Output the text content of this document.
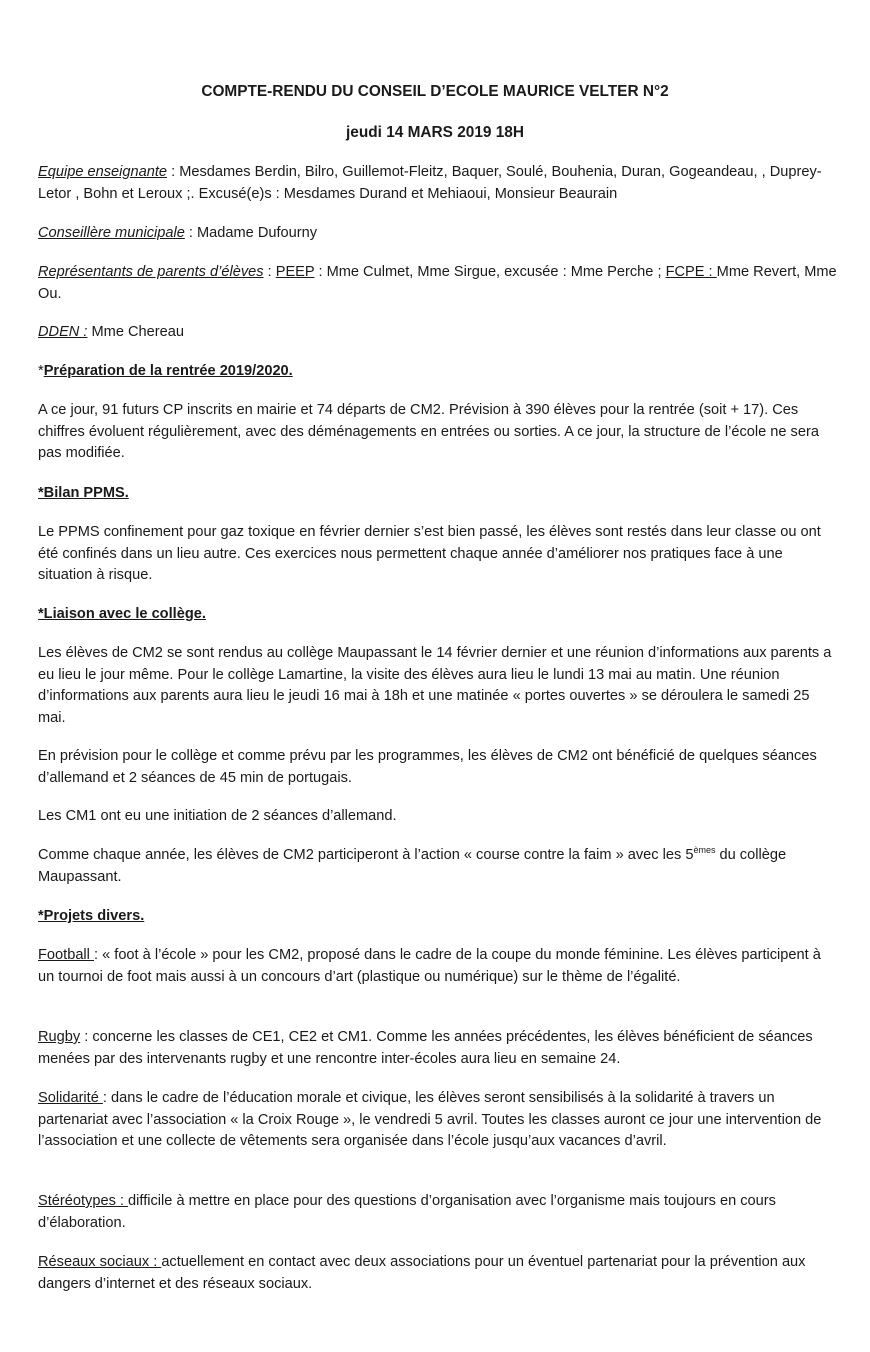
COMPTE-RENDU DU CONSEIL D’ECOLE MAURICE VELTER N°2
jeudi 14 MARS 2019 18H

Equipe enseignante : Mesdames Berdin, Bilro, Guillemot-Fleitz, Baquer, Soulé, Bouhenia, Duran, Gogeandeau, , Duprey-Letor , Bohn et Leroux ;. Excusé(e)s : Mesdames Durand et Mehiaoui, Monsieur Beaurain

Conseillère municipale : Madame Dufourny

Représentants de parents d’élèves : PEEP : Mme Culmet, Mme Sirgue, excusée : Mme Perche ; FCPE : Mme Revert, Mme Ou.

DDEN : Mme Chereau

*Préparation de la rentrée 2019/2020.

A ce jour, 91 futurs CP inscrits en mairie et 74 départs de CM2. Prévision à 390 élèves pour la rentrée (soit + 17). Ces chiffres évoluent régulièrement, avec des déménagements en entrées ou sorties. A ce jour, la structure de l’école ne sera pas modifiée.

*Bilan PPMS.

Le PPMS confinement pour gaz toxique en février dernier s’est bien passé, les élèves sont restés dans leur classe ou ont été confinés dans un lieu autre. Ces exercices nous permettent chaque année d’améliorer nos pratiques face à une situation à risque.

*Liaison avec le collège.

Les élèves de CM2 se sont rendus au collège Maupassant le 14 février dernier et une réunion d’informations aux parents a eu lieu le jour même. Pour le collège Lamartine, la visite des élèves aura lieu le lundi 13 mai au matin. Une réunion d’informations aux parents aura lieu le jeudi 16 mai à 18h et une matinée « portes ouvertes » se déroulera le samedi 25 mai.

En prévision pour le collège et comme prévu par les programmes, les élèves de CM2 ont bénéficié de quelques séances d’allemand et 2 séances de 45 min de portugais.

Les CM1 ont eu une initiation de 2 séances d’allemand.

Comme chaque année, les élèves de CM2 participeront à l’action « course contre la faim » avec les 5èmes du collège Maupassant.

*Projets divers.

Football : « foot à l’école » pour les CM2, proposé dans le cadre de la coupe du monde féminine. Les élèves participent à un tournoi de foot mais aussi à un concours d’art (plastique ou numérique) sur le thème de l’égalité.

Rugby : concerne les classes de CE1, CE2 et CM1. Comme les années précédentes, les élèves bénéficient de séances menées par des intervenants rugby et une rencontre inter-écoles aura lieu en semaine 24.

Solidarité : dans le cadre de l’éducation morale et civique, les élèves seront sensibilisés à la solidarité à travers un partenariat avec l’association « la Croix Rouge », le vendredi 5 avril. Toutes les classes auront ce jour une intervention de l’association et une collecte de vêtements sera organisée dans l’école jusqu’aux vacances d’avril.

Stéréotypes : difficile à mettre en place pour des questions d’organisation avec l’organisme mais toujours en cours d’élaboration.

Réseaux sociaux : actuellement en contact avec deux associations pour un éventuel partenariat pour la prévention aux dangers d’internet et des réseaux sociaux.
